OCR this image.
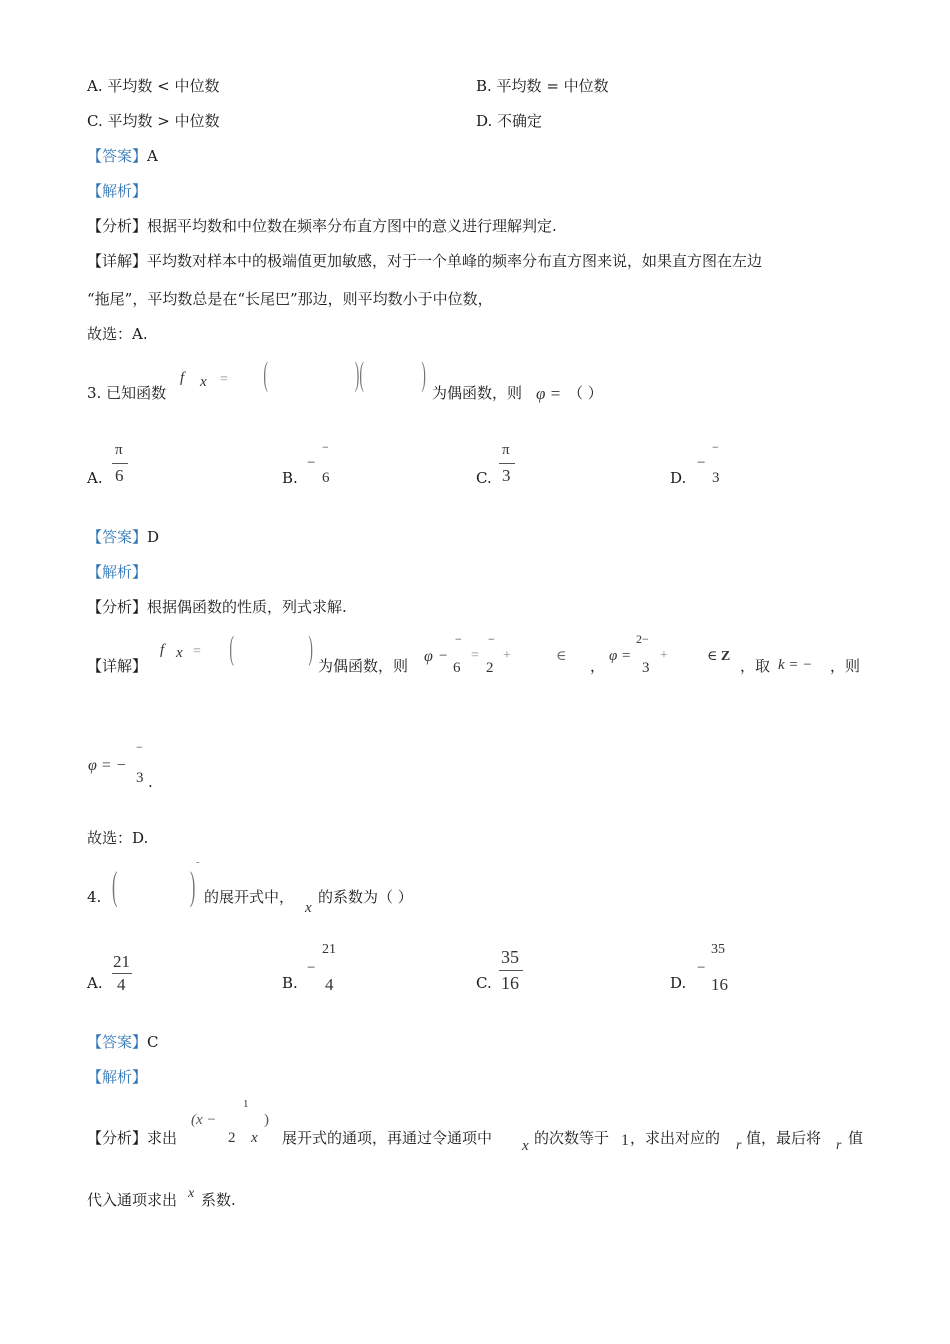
A. 平均数 < 中位数	B. 平均数 = 中位数
C. 平均数 > 中位数	D. 不确定
【答案】A
【解析】
【分析】根据平均数和中位数在频率分布直方图中的意义进行理解判定.
【详解】平均数对样本中的极端值更加敏感，对于一个单峰的频率分布直方图来说，如果直方图在左边
“拖尾”，平均数总是在“长尾巴”那边，则平均数小于中位数，
故选：A.
3. 已知函数
f x = (	)( ) 为偶函数，则 φ = （ ）
A.
π
6	B.
−
−
6	C.
π
3	D.
−
−
3
【答案】D
【解析】
【分析】根据偶函数的性质，列式求解.
【详解】
f x = ( ) 为偶函数，则
φ −
−
6
=
−
2
+	∈
，
φ =
2−
3
+	∈ Z
，取 k = − ，则
φ = −
−
3 .
故选：D.
4. ( )
-
的展开式中，
x
的系数为（ ）
A.
21
4	B.
−
21
4	C.
35
16	D.
−
35
16
【答案】C
【解析】
【分析】求出
(x −
1
2 x
)
展开式的通项，再通过令通项中 x 的次数等于 1 ，求出对应的 r 值，最后将 r 值
代入通项求出 x 系数.
